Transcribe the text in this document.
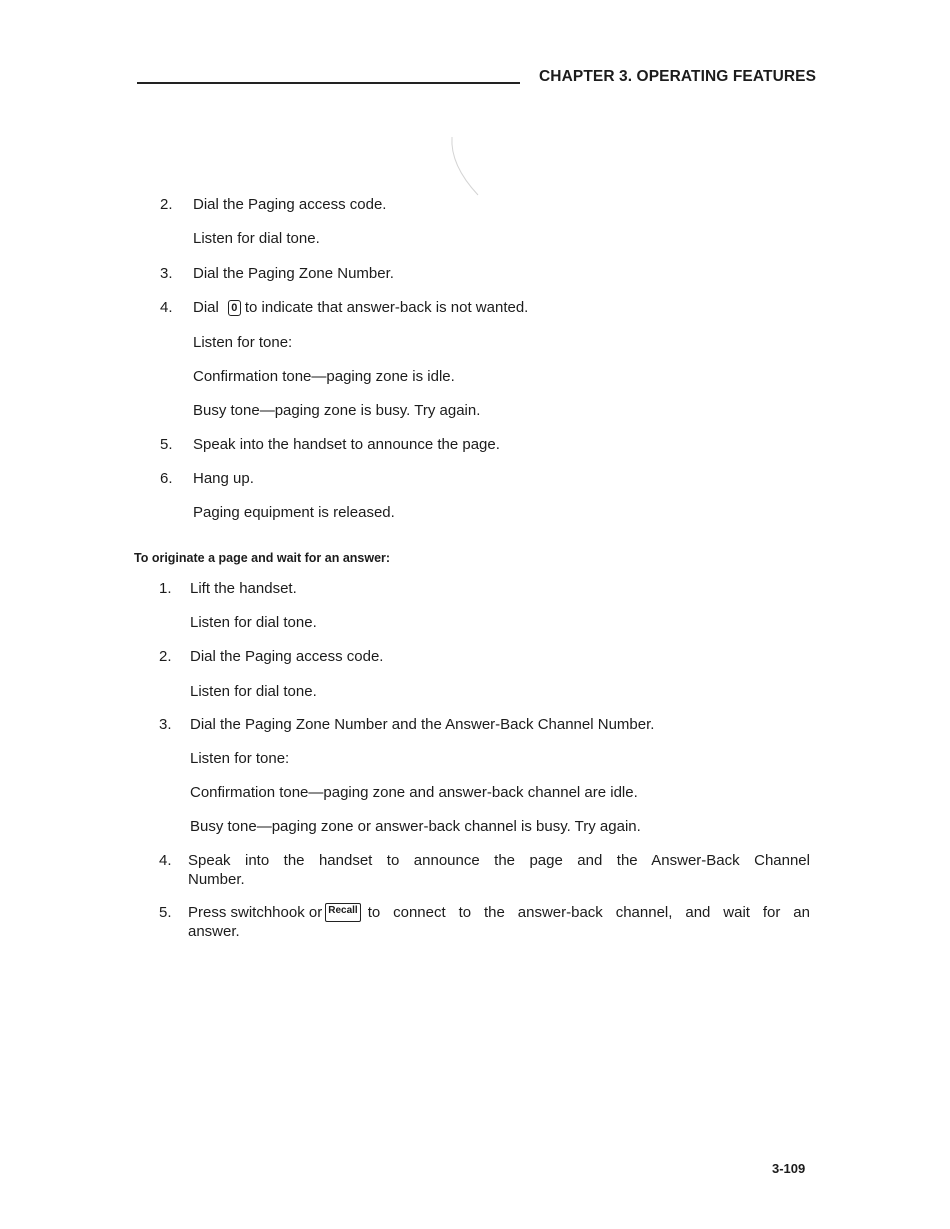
CHAPTER 3. OPERATING FEATURES
2. Dial the Paging access code.
Listen for dial tone.
3. Dial the Paging Zone Number.
4. Dial 0 to indicate that answer-back is not wanted.
Listen for tone:
Confirmation tone—paging zone is idle.
Busy tone—paging zone is busy. Try again.
5. Speak into the handset to announce the page.
6. Hang up.
Paging equipment is released.
To originate a page and wait for an answer:
1. Lift the handset.
Listen for dial tone.
2. Dial the Paging access code.
Listen for dial tone.
3. Dial the Paging Zone Number and the Answer-Back Channel Number.
Listen for tone:
Confirmation tone—paging zone and answer-back channel are idle.
Busy tone—paging zone or answer-back channel is busy. Try again.
4. Speak into the handset to announce the page and the Answer-Back Channel
Number.
5. Press switchhook or Recall to connect to the answer-back channel, and wait for an
answer.
3-109
